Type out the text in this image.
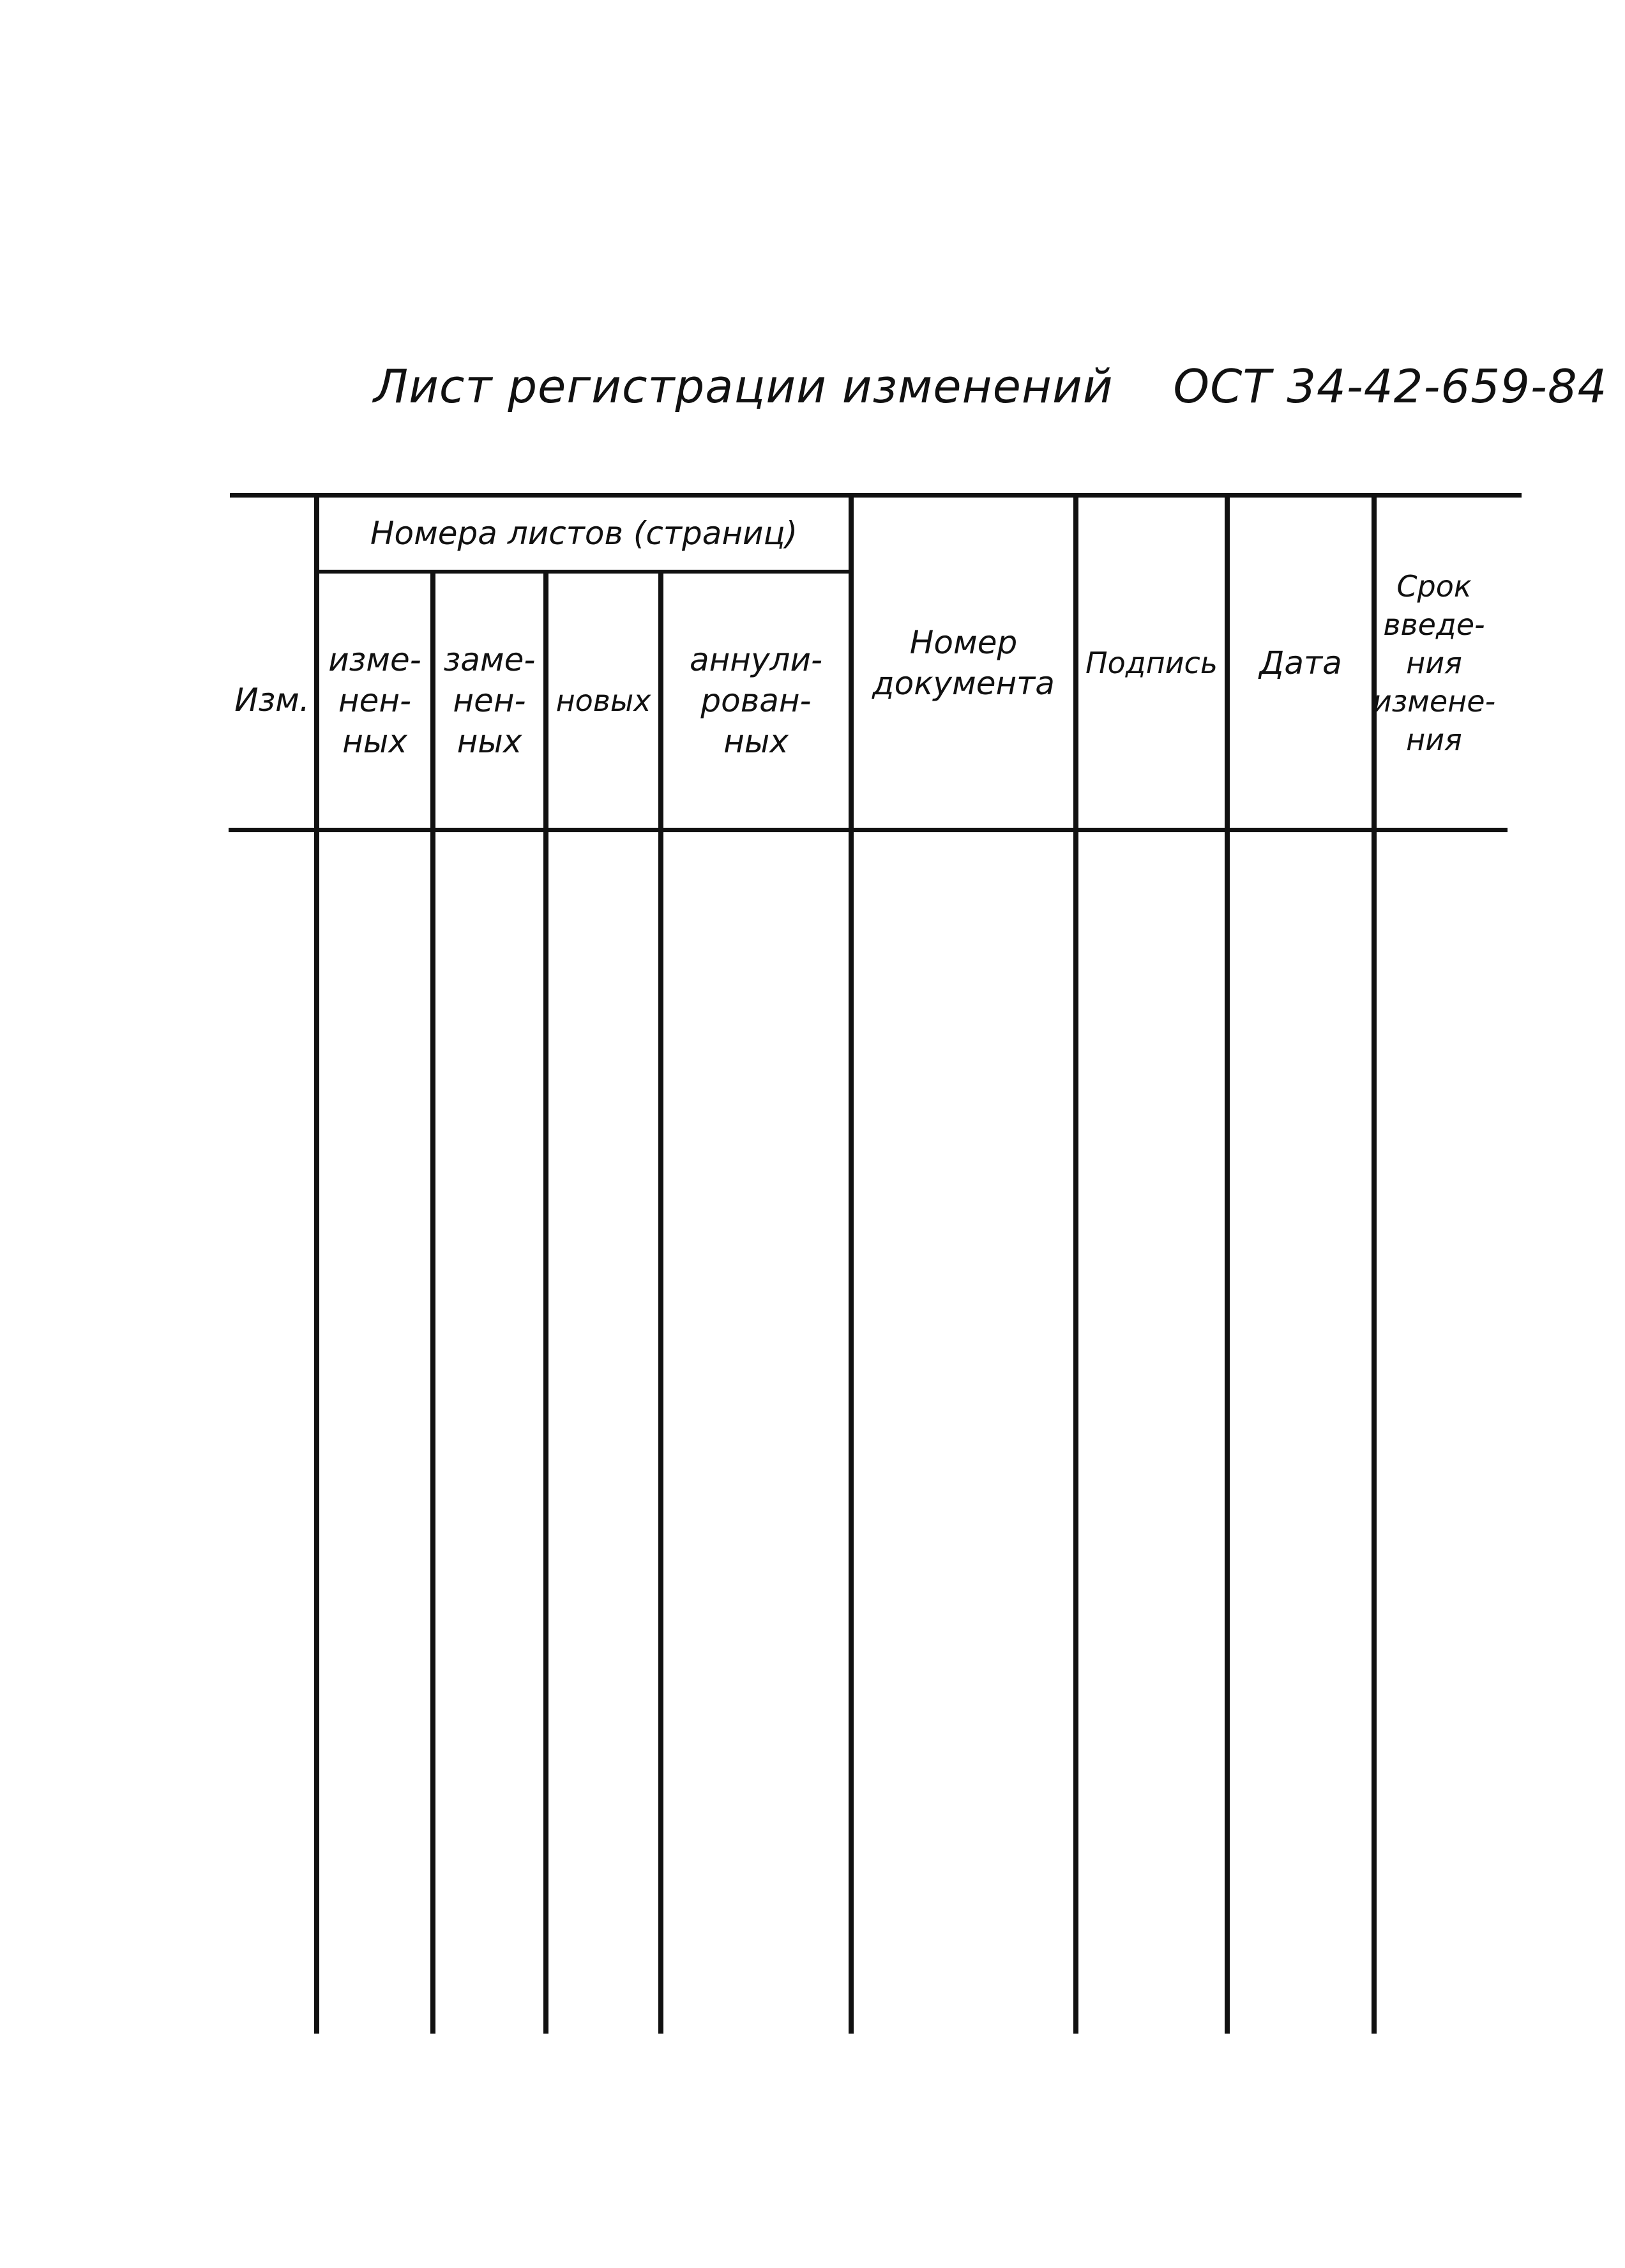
Лист регистрации изменений ОСТ 34-42-659-84
Изм.
Номера листов (страниц)
изме-
нен-
ных
заме-
нен-
ных
новых
аннули-
рован-
ных
Номер
документа
Подпись Дата
Срок
введе-
ния
измене-
ния
